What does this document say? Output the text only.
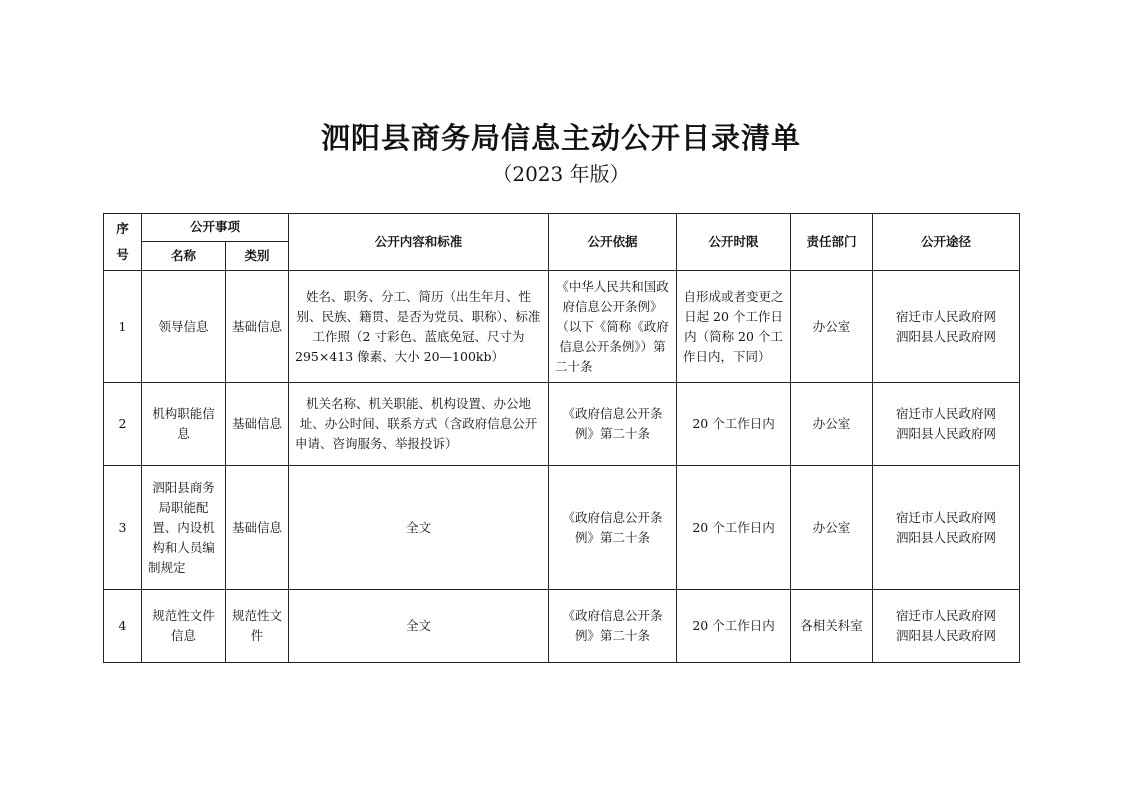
泗阳县商务局信息主动公开目录清单
（2023 年版）
序号	公开事项		公开内容和标准	公开依据	公开时限	责任部门	公开途径
	名称	类别					
1	领导信息	基础信息	姓名、职务、分工、简历（出生年月、性别、民族、籍贯、是否为党员、职称）、标准工作照（2 寸彩色、蓝底免冠、尺寸为 295×413 像素、大小 20—100kb）	《中华人民共和国政府信息公开条例》（以下《简称《政府信息公开条例》）第二十条	自形成或者变更之日起 20 个工作日内（简称 20 个工作日内，下同）	办公室	宿迁市人民政府网
泗阳县人民政府网

2	机构职能信息	基础信息	机关名称、机关职能、机构设置、办公地址、办公时间、联系方式（含政府信息公开申请、咨询服务、举报投诉）	《政府信息公开条例》第二十条	20 个工作日内	办公室	宿迁市人民政府网
泗阳县人民政府网

3	泗阳县商务局职能配置、内设机构和人员编制规定	基础信息	全文	《政府信息公开条例》第二十条	20 个工作日内	办公室	宿迁市人民政府网
泗阳县人民政府网

4	规范性文件信息	规范性文件	全文	《政府信息公开条例》第二十条	20 个工作日内	各相关科室	宿迁市人民政府网
泗阳县人民政府网
